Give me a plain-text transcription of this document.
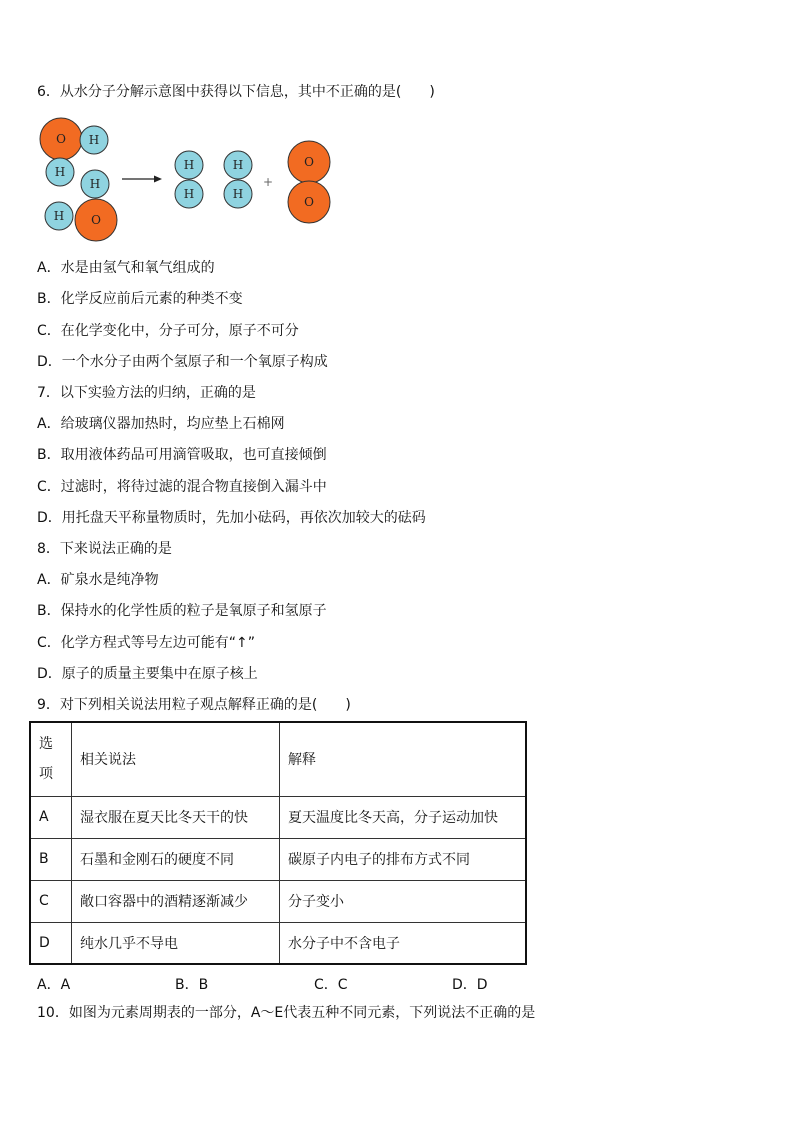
6．从水分子分解示意图中获得以下信息，其中不正确的是(　　)
O H
H
H
O
H
H
H
H
H
+
O
O
A．水是由氢气和氧气组成的
B．化学反应前后元素的种类不变
C．在化学变化中，分子可分，原子不可分
D．一个水分子由两个氢原子和一个氧原子构成
7．以下实验方法的归纳，正确的是
A．给玻璃仪器加热时，均应垫上石棉网
B．取用液体药品可用滴管吸取，也可直接倾倒
C．过滤时，将待过滤的混合物直接倒入漏斗中
D．用托盘天平称量物质时，先加小砝码，再依次加较大的砝码
8．下来说法正确的是
A．矿泉水是纯净物
B．保持水的化学性质的粒子是氧原子和氢原子
C．化学方程式等号左边可能有“↑”
D．原子的质量主要集中在原子核上
9．对下列相关说法用粒子观点解释正确的是(　　)
选
项	相关说法	解释
A	湿衣服在夏天比冬天干的快	夏天温度比冬天高，分子运动加快
B	石墨和金刚石的硬度不同	碳原子内电子的排布方式不同
C	敞口容器中的酒精逐渐减少	分子变小
D	纯水几乎不导电	水分子中不含电子
A．A	B．B	C．C	D．D
10．如图为元素周期表的一部分，A～E代表五种不同元素，下列说法不正确的是
